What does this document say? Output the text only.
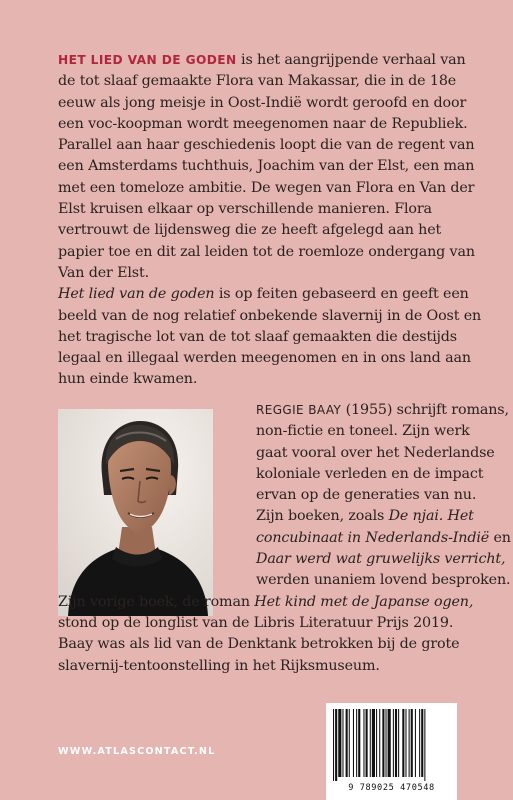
HET LIED VAN DE GODEN is het aangrijpende verhaal van de tot slaaf gemaakte Flora van Makassar, die in de 18e eeuw als jong meisje in Oost-Indië wordt geroofd en door een voc-koopman wordt meegenomen naar de Republiek. Parallel aan haar geschiedenis loopt die van de regent van een Amsterdams tuchthuis, Joachim van der Elst, een man met een tomeloze ambitie. De wegen van Flora en Van der Elst kruisen elkaar op verschillende manieren. Flora vertrouwt de lijdensweg die ze heeft afgelegd aan het papier toe en dit zal leiden tot de roemloze ondergang van Van der Elst.

Het lied van de goden is op feiten gebaseerd en geeft een beeld van de nog relatief onbekende slavernij in de Oost en het tragische lot van de tot slaaf gemaakten die destijds legaal en illegaal werden meegenomen en in ons land aan hun einde kwamen.

REGGIE BAAY (1955) schrijft romans,
non-fictie en toneel. Zijn werk
gaat vooral over het Nederlandse
koloniale verleden en de impact
ervan op de generaties van nu.
Zijn boeken, zoals De njai. Het
concubinaat in Nederlands-Indië en
Daar werd wat gruwelijks verricht,
werden unaniem lovend besproken.
Zijn vorige boek, de roman Het kind met de Japanse ogen,
stond op de longlist van de Libris Literatuur Prijs 2019.
Baay was als lid van de Denktank betrokken bij de grote
slavernij-tentoonstelling in het Rijksmuseum.
WWW.ATLASCONTACT.NL
9 789025 470548
